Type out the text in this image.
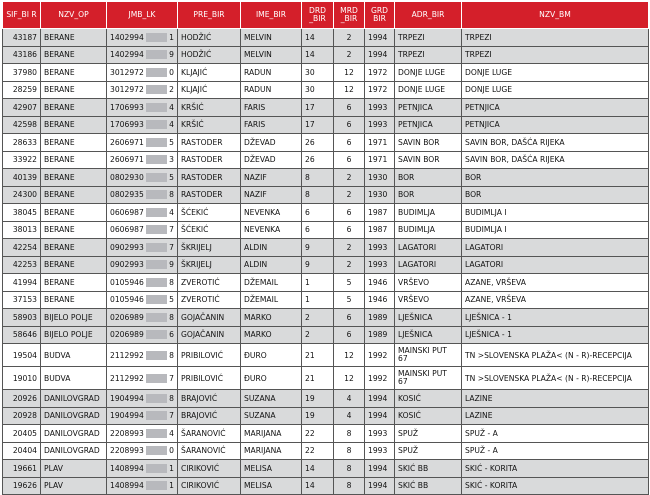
SIF_BI R	NZV_OP	JMB_LK	PRE_BIR	IME_BIR	DRD _BIR	MRD _BIR	GRD BIR	ADR_BIR	NZV_BM
43187	BERANE	1402994 1	HODŽIĆ	MELVIN	14	2	1994	TRPEZI	TRPEZI
43186	BERANE	1402994 9	HODŽIĆ	MELVIN	14	2	1994	TRPEZI	TRPEZI
37980	BERANE	3012972 0	KLJAJIĆ	RADUN	30	12	1972	DONJE LUGE	DONJE LUGE
28259	BERANE	3012972 2	KLJAJIĆ	RADUN	30	12	1972	DONJE LUGE	DONJE LUGE
42907	BERANE	1706993 4	KRŠIĆ	FARIS	17	6	1993	PETNJICA	PETNJICA
42598	BERANE	1706993 4	KRŠIĆ	FARIS	17	6	1993	PETNJICA	PETNJICA
28633	BERANE	2606971 5	RASTODER	DŽEVAD	26	6	1971	SAVIN BOR	SAVIN BOR, DAŠĆA RIJEKA
33922	BERANE	2606971 3	RASTODER	DŽEVAD	26	6	1971	SAVIN BOR	SAVIN BOR, DAŠĆA RIJEKA
40139	BERANE	0802930 5	RASTODER	NAZIF	8	2	1930	BOR	BOR
24300	BERANE	0802935 8	RASTODER	NAZIF	8	2	1930	BOR	BOR
38045	BERANE	0606987 4	ŠĆEKIĆ	NEVENKA	6	6	1987	BUDIMLJA	BUDIMLJA I
38013	BERANE	0606987 7	ŠĆEKIĆ	NEVENKA	6	6	1987	BUDIMLJA	BUDIMLJA I
42254	BERANE	0902993 7	ŠKRIJELJ	ALDIN	9	2	1993	LAGATORI	LAGATORI
42253	BERANE	0902993 9	ŠKRIJELJ	ALDIN	9	2	1993	LAGATORI	LAGATORI
41994	BERANE	0105946 8	ZVEROTIĆ	DŽEMAIL	1	5	1946	VRŠEVO	AZANE, VRŠEVA
37153	BERANE	0105946 5	ZVEROTIĆ	DŽEMAIL	1	5	1946	VRŠEVO	AZANE, VRŠEVA
58903	BIJELO POLJE	0206989 8	GOJAČANIN	MARKO	2	6	1989	LJEŠNICA	LJEŠNICA - 1
58646	BIJELO POLJE	0206989 6	GOJAČANIN	MARKO	2	6	1989	LJEŠNICA	LJEŠNICA - 1
19504	BUDVA	2112992 8	PRIBILOVIĆ	ĐURO	21	12	1992	MAINSKI PUT 67	TN >SLOVENSKA PLAŽA< (N - R)-RECEPCIJA
19010	BUDVA	2112992 7	PRIBILOVIĆ	ĐURO	21	12	1992	MAINSKI PUT 67	TN >SLOVENSKA PLAŽA< (N - R)-RECEPCIJA
20926	DANILOVGRAD	1904994 8	BRAJOVIĆ	SUZANA	19	4	1994	KOSIĆ	LAZINE
20928	DANILOVGRAD	1904994 7	BRAJOVIĆ	SUZANA	19	4	1994	KOSIĆ	LAZINE
20405	DANILOVGRAD	2208993 4	ŠARANOVIĆ	MARIJANA	22	8	1993	SPUŽ	SPUŽ - A
20404	DANILOVGRAD	2208993 0	ŠARANOVIĆ	MARIJANA	22	8	1993	SPUŽ	SPUŽ - A
19661	PLAV	1408994 1	CIRIKOVIĆ	MELISA	14	8	1994	SKIĆ BB	SKIĆ - KORITA
19626	PLAV	1408994 1	CIRIKOVIĆ	MELISA	14	8	1994	SKIĆ BB	SKIĆ - KORITA
